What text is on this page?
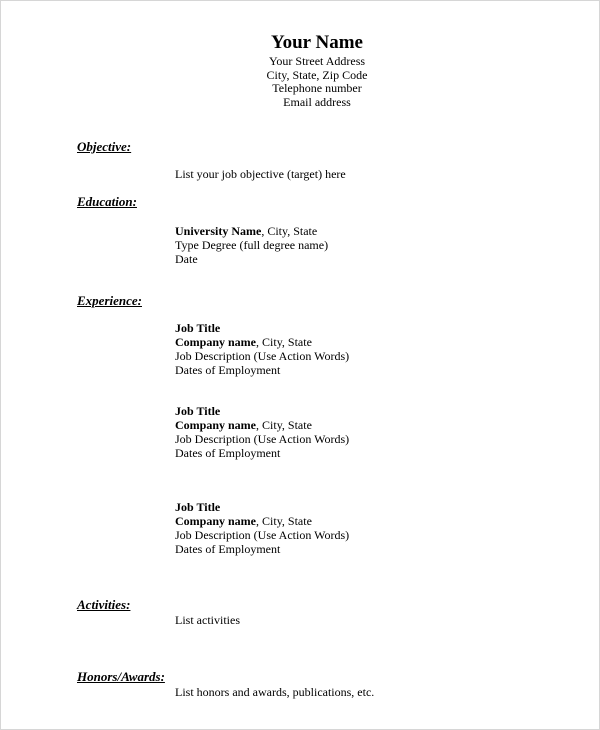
Your Name
Your Street Address
City, State, Zip Code
Telephone number
Email address
Objective:
List your job objective (target) here
Education:
University Name, City, State
Type Degree (full degree name)
Date
Experience:
Job Title
Company name, City, State
Job Description (Use Action Words)
Dates of Employment
Job Title
Company name, City, State
Job Description (Use Action Words)
Dates of Employment
Job Title
Company name, City, State
Job Description (Use Action Words)
Dates of Employment
Activities:
List activities
Honors/Awards:
List honors and awards, publications, etc.
